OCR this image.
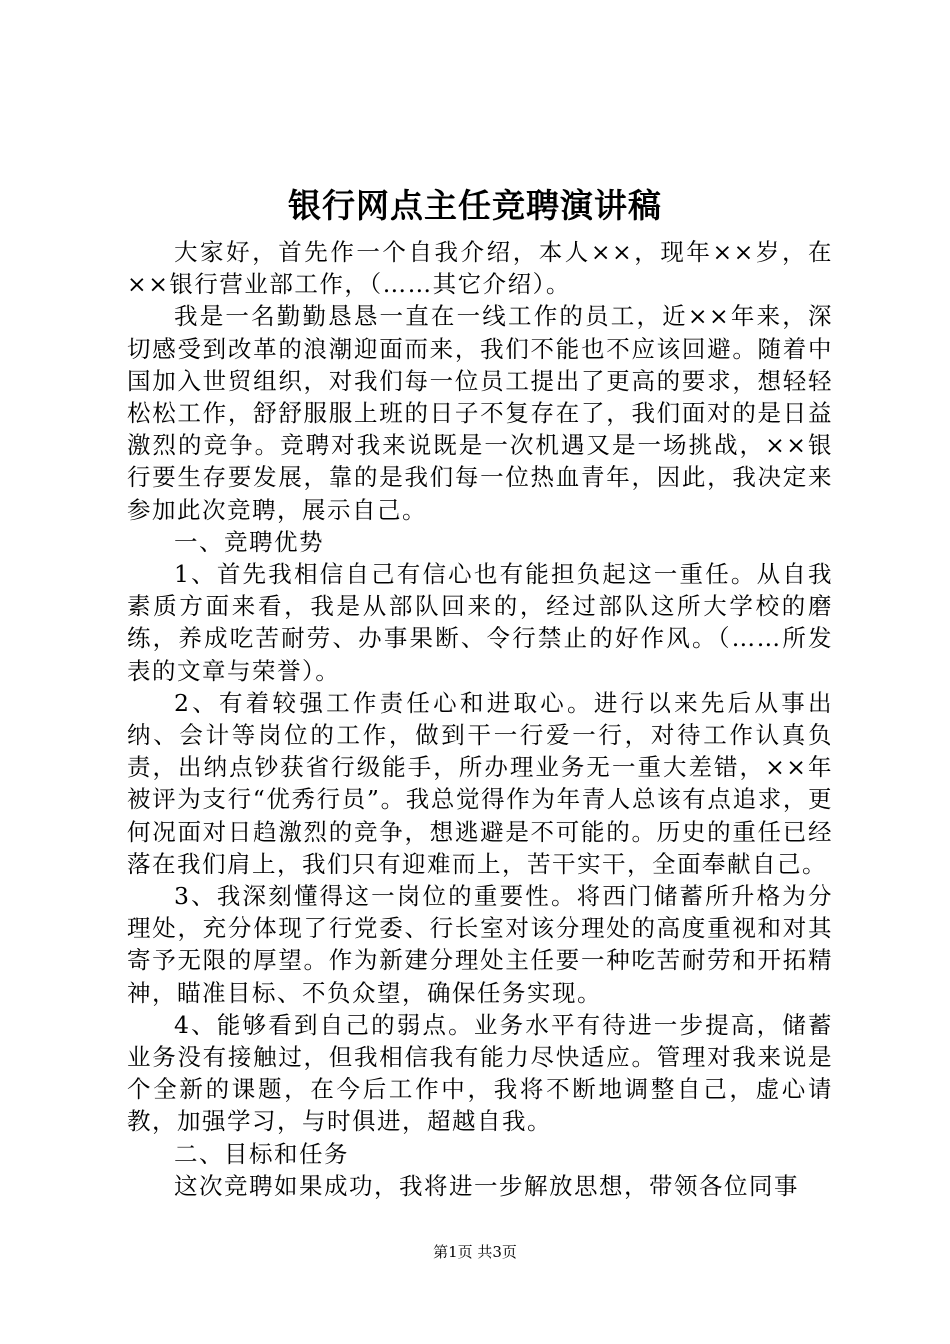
银行网点主任竞聘演讲稿

大家好，首先作一个自我介绍，本人××，现年××岁，在××银行营业部工作，（……其它介绍）。

我是一名勤勤恳恳一直在一线工作的员工，近××年来，深切感受到改革的浪潮迎面而来，我们不能也不应该回避。随着中国加入世贸组织，对我们每一位员工提出了更高的要求，想轻轻松松工作，舒舒服服上班的日子不复存在了，我们面对的是日益激烈的竞争。竞聘对我来说既是一次机遇又是一场挑战，××银行要生存要发展，靠的是我们每一位热血青年，因此，我决定来参加此次竞聘，展示自己。

一、竞聘优势

1、首先我相信自己有信心也有能担负起这一重任。从自我素质方面来看，我是从部队回来的，经过部队这所大学校的磨练，养成吃苦耐劳、办事果断、令行禁止的好作风。（……所发表的文章与荣誉）。

2、有着较强工作责任心和进取心。进行以来先后从事出纳、会计等岗位的工作，做到干一行爱一行，对待工作认真负责，出纳点钞获省行级能手，所办理业务无一重大差错，××年被评为支行“优秀行员”。我总觉得作为年青人总该有点追求，更何况面对日趋激烈的竞争，想逃避是不可能的。历史的重任已经落在我们肩上，我们只有迎难而上，苦干实干，全面奉献自己。

3、我深刻懂得这一岗位的重要性。将西门储蓄所升格为分理处，充分体现了行党委、行长室对该分理处的高度重视和对其寄予无限的厚望。作为新建分理处主任要一种吃苦耐劳和开拓精神，瞄准目标、不负众望，确保任务实现。

4、能够看到自己的弱点。业务水平有待进一步提高，储蓄业务没有接触过，但我相信我有能力尽快适应。管理对我来说是个全新的课题，在今后工作中，我将不断地调整自己，虚心请教，加强学习，与时俱进，超越自我。

二、目标和任务

这次竞聘如果成功，我将进一步解放思想，带领各位同事

第1页 共3页
